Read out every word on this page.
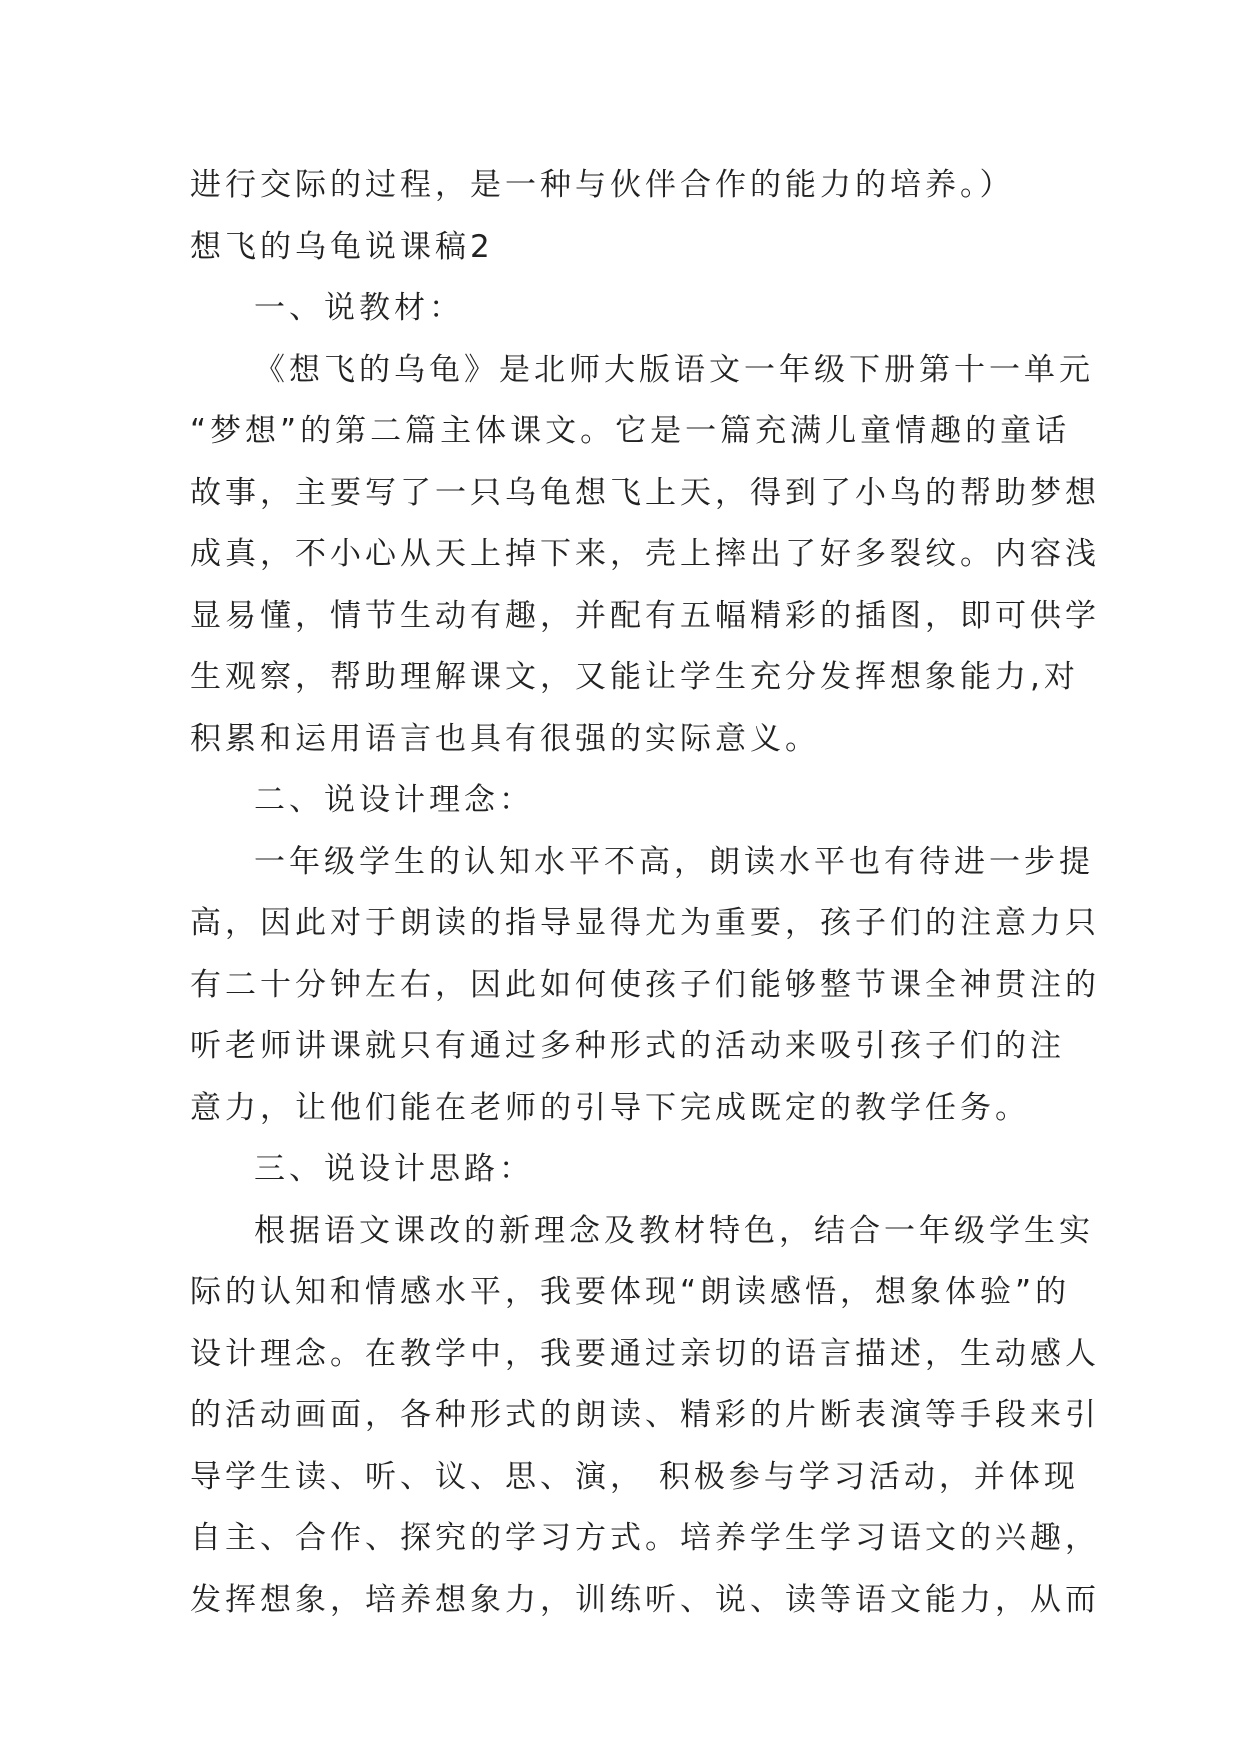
进行交际的过程，是一种与伙伴合作的能力的培养。）
想飞的乌龟说课稿2
一、说教材：
《想飞的乌龟》是北师大版语文一年级下册第十一单元
“梦想”的第二篇主体课文。它是一篇充满儿童情趣的童话
故事，主要写了一只乌龟想飞上天，得到了小鸟的帮助梦想
成真，不小心从天上掉下来，壳上摔出了好多裂纹。内容浅
显易懂，情节生动有趣，并配有五幅精彩的插图，即可供学
生观察，帮助理解课文，又能让学生充分发挥想象能力,对
积累和运用语言也具有很强的实际意义。
二、说设计理念：
一年级学生的认知水平不高，朗读水平也有待进一步提
高，因此对于朗读的指导显得尤为重要，孩子们的注意力只
有二十分钟左右，因此如何使孩子们能够整节课全神贯注的
听老师讲课就只有通过多种形式的活动来吸引孩子们的注
意力，让他们能在老师的引导下完成既定的教学任务。
三、说设计思路：
根据语文课改的新理念及教材特色，结合一年级学生实
际的认知和情感水平，我要体现“朗读感悟，想象体验”的
设计理念。在教学中，我要通过亲切的语言描述，生动感人
的活动画面，各种形式的朗读、精彩的片断表演等手段来引
导学生读、听、议、思、演， 积极参与学习活动，并体现
自主、合作、探究的学习方式。培养学生学习语文的兴趣，
发挥想象，培养想象力，训练听、说、读等语文能力，从而
